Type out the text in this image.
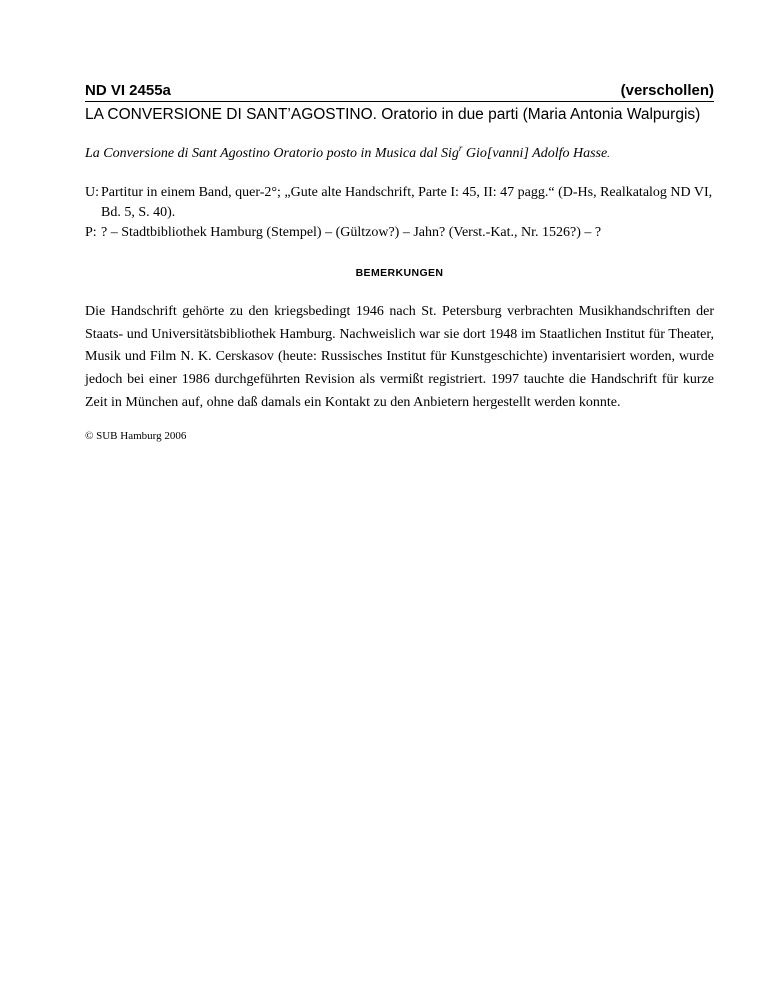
ND VI 2455a	(verschollen)
LA CONVERSIONE DI SANT’AGOSTINO. Oratorio in due parti (Maria Antonia Walpurgis)
La Conversione di Sant Agostino Oratorio posto in Musica dal Sig$^r$ Gio[vanni] Adolfo Hasse.
U: Partitur in einem Band, quer-2°; „Gute alte Handschrift, Parte I: 45, II: 47 pagg.“ (D-Hs, Realkatalog ND VI, Bd. 5, S. 40).
P: ? – Stadtbibliothek Hamburg (Stempel) – (Gültzow?) – Jahn? (Verst.-Kat., Nr. 1526?) – ?
BEMERKUNGEN
Die Handschrift gehörte zu den kriegsbedingt 1946 nach St. Petersburg verbrachten Musikhandschriften der Staats- und Universitätsbibliothek Hamburg. Nachweislich war sie dort 1948 im Staatlichen Institut für Theater, Musik und Film N. K. Cerskasov (heute: Russisches Institut für Kunstgeschichte) inventarisiert worden, wurde jedoch bei einer 1986 durchgeführten Revision als vermißt registriert. 1997 tauchte die Handschrift für kurze Zeit in München auf, ohne daß damals ein Kontakt zu den Anbietern hergestellt werden konnte.
© SUB Hamburg 2006
